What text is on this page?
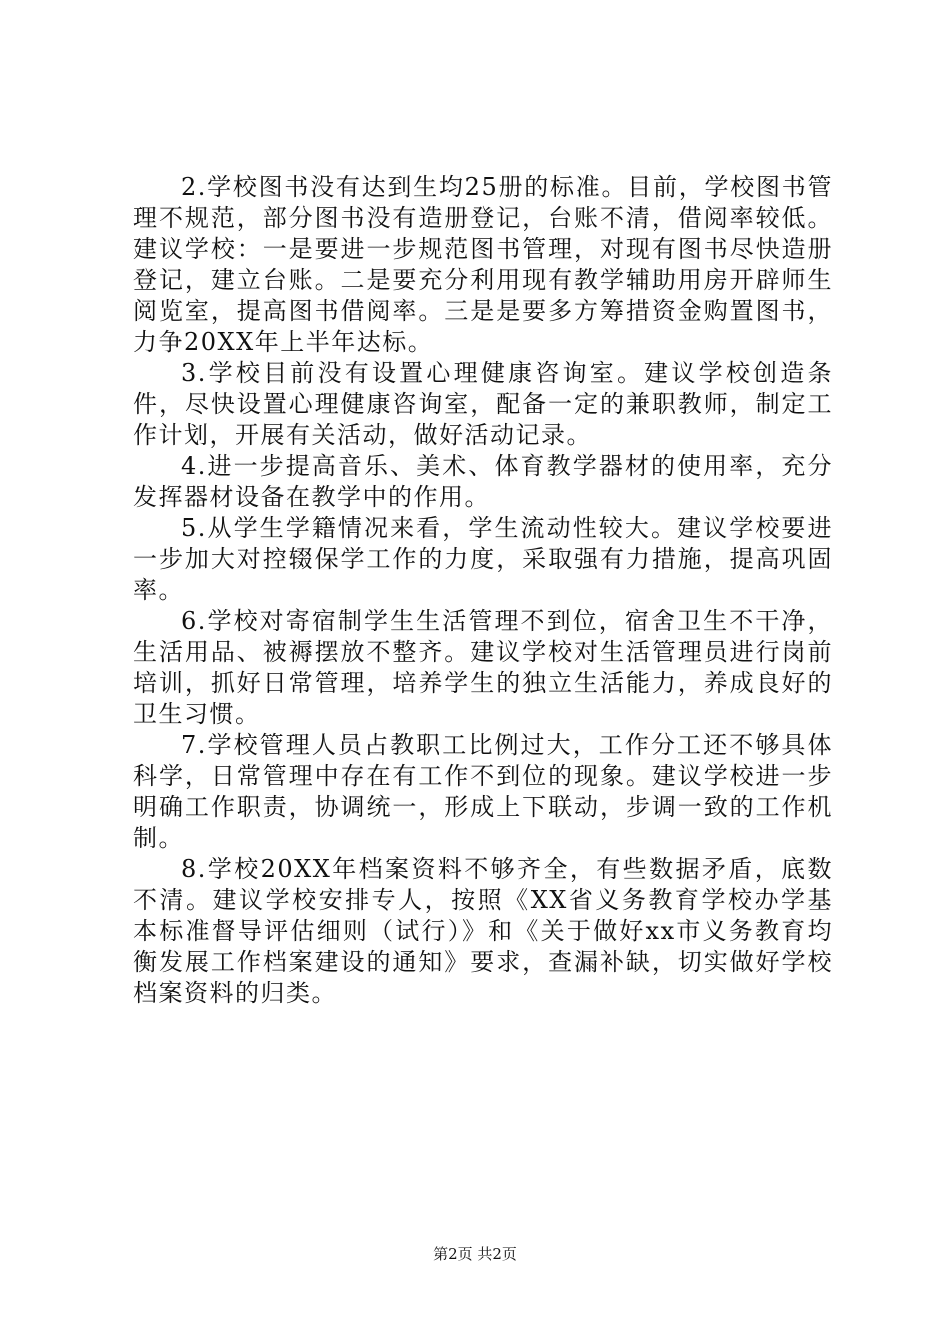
2.学校图书没有达到生均25册的标准。目前，学校图书管理不规范，部分图书没有造册登记，台账不清，借阅率较低。建议学校：一是要进一步规范图书管理，对现有图书尽快造册登记，建立台账。二是要充分利用现有教学辅助用房开辟师生阅览室，提高图书借阅率。三是是要多方筹措资金购置图书，力争20XX年上半年达标。

3.学校目前没有设置心理健康咨询室。建议学校创造条件，尽快设置心理健康咨询室，配备一定的兼职教师，制定工作计划，开展有关活动，做好活动记录。

4.进一步提高音乐、美术、体育教学器材的使用率，充分发挥器材设备在教学中的作用。

5.从学生学籍情况来看，学生流动性较大。建议学校要进一步加大对控辍保学工作的力度，采取强有力措施，提高巩固率。

6.学校对寄宿制学生生活管理不到位，宿舍卫生不干净，生活用品、被褥摆放不整齐。建议学校对生活管理员进行岗前培训，抓好日常管理，培养学生的独立生活能力，养成良好的卫生习惯。

7.学校管理人员占教职工比例过大，工作分工还不够具体科学，日常管理中存在有工作不到位的现象。建议学校进一步明确工作职责，协调统一，形成上下联动，步调一致的工作机制。

8.学校20XX年档案资料不够齐全，有些数据矛盾，底数不清。建议学校安排专人，按照《XX省义务教育学校办学基本标准督导评估细则（试行）》和《关于做好xx市义务教育均衡发展工作档案建设的通知》要求，查漏补缺，切实做好学校档案资料的归类。

第2页 共2页
